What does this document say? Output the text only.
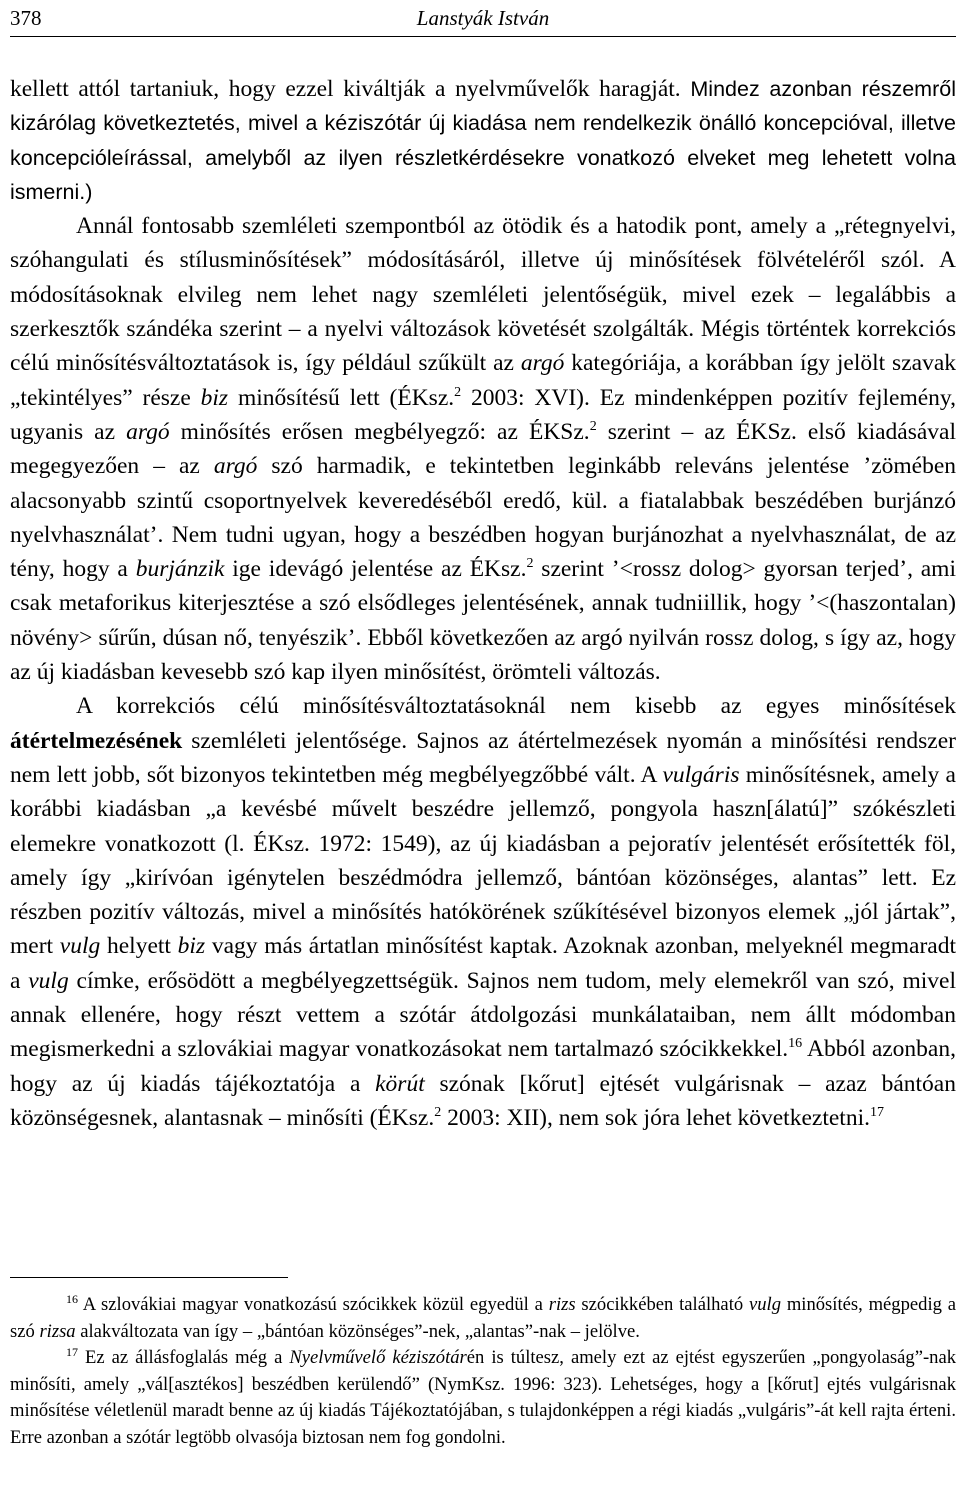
378	Lanstyák István

kellett attól tartaniuk, hogy ezzel kiváltják a nyelvművelők haragját. Mindez azonban részemről kizárólag következtetés, mivel a kéziszótár új kiadása nem rendelkezik önálló koncepcióval, illetve koncepcióleírással, amelyből az ilyen részletkérdésekre vonatkozó elveket meg lehetett volna ismerni.)

Annál fontosabb szemléleti szempontból az ötödik és a hatodik pont, amely a „rétegnyelvi, szóhangulati és stílusminősítések” módosításáról, illetve új minősítések fölvételéről szól. A módosításoknak elvileg nem lehet nagy szemléleti jelentőségük, mivel ezek – legalábbis a szerkesztők szándéka szerint – a nyelvi változások követését szolgálták. Mégis történtek korrekciós célú minősítésváltoztatások is, így például szűkült az argó kategóriája, a korábban így jelölt szavak „tekintélyes” része biz minősítésű lett (ÉKsz.$^2$ 2003: XVI). Ez mindenképpen pozitív fejlemény, ugyanis az argó minősítés erősen megbélyegző: az ÉKSz.$^2$ szerint – az ÉKSz. első kiadásával megegyezően – az argó szó harmadik, e tekintetben leginkább releváns jelentése ’zömében alacsonyabb szintű csoportnyelvek keveredéséből eredő, kül. a fiatalabbak beszédében burjánzó nyelvhasználat’. Nem tudni ugyan, hogy a beszédben hogyan burjánozhat a nyelvhasználat, de az tény, hogy a burjánzik ige idevágó jelentése az ÉKsz.$^2$ szerint ’<rossz dolog> gyorsan terjed’, ami csak metaforikus kiterjesztése a szó elsődleges jelentésének, annak tudniillik, hogy ’<(haszontalan) növény> sűrűn, dúsan nő, tenyészik’. Ebből következően az argó nyilván rossz dolog, s így az, hogy az új kiadásban kevesebb szó kap ilyen minősítést, örömteli változás.

A korrekciós célú minősítésváltoztatásoknál nem kisebb az egyes minősítések átértelmezésének szemléleti jelentősége. Sajnos az átértelmezések nyomán a minősítési rendszer nem lett jobb, sőt bizonyos tekintetben még megbélyegzőbbé vált. A vulgáris minősítésnek, amely a korábbi kiadásban „a kevésbé művelt beszédre jellemző, pongyola haszn[álatú]” szókészleti elemekre vonatkozott (l. ÉKsz. 1972: 1549), az új kiadásban a pejoratív jelentését erősítették föl, amely így „kirívóan igénytelen beszédmódra jellemző, bántóan közönséges, alantas” lett. Ez részben pozitív változás, mivel a minősítés hatókörének szűkítésével bizonyos elemek „jól jártak”, mert vulg helyett biz vagy más ártatlan minősítést kaptak. Azoknak azonban, melyeknél megmaradt a vulg címke, erősödött a megbélyegzettségük. Sajnos nem tudom, mely elemekről van szó, mivel annak ellenére, hogy részt vettem a szótár átdolgozási munkálataiban, nem állt módomban megismerkedni a szlovákiai magyar vonatkozásokat nem tartalmazó szócikkekkel.$^{16}$ Abból azonban, hogy az új kiadás tájékoztatója a körút szónak [kőrut] ejtését vulgárisnak – azaz bántóan közönségesnek, alantasnak – minősíti (ÉKsz.$^2$ 2003: XII), nem sok jóra lehet következtetni.$^{17}$

$^{16}$ A szlovákiai magyar vonatkozású szócikkek közül egyedül a rizs szócikkében található vulg minősítés, mégpedig a szó rizsa alakváltozata van így – „bántóan közönséges”-nek, „alantas”-nak – jelölve.

$^{17}$ Ez az állásfoglalás még a Nyelvművelő kéziszótárén is túltesz, amely ezt az ejtést egyszerűen „pongyolaság”-nak minősíti, amely „vál[asztékos] beszédben kerülendő” (NymKsz. 1996: 323). Lehetséges, hogy a [kőrut] ejtés vulgárisnak minősítése véletlenül maradt benne az új kiadás Tájékoztatójában, s tulajdonképpen a régi kiadás „vulgáris”-át kell rajta érteni. Erre azonban a szótár legtöbb olvasója biztosan nem fog gondolni.
